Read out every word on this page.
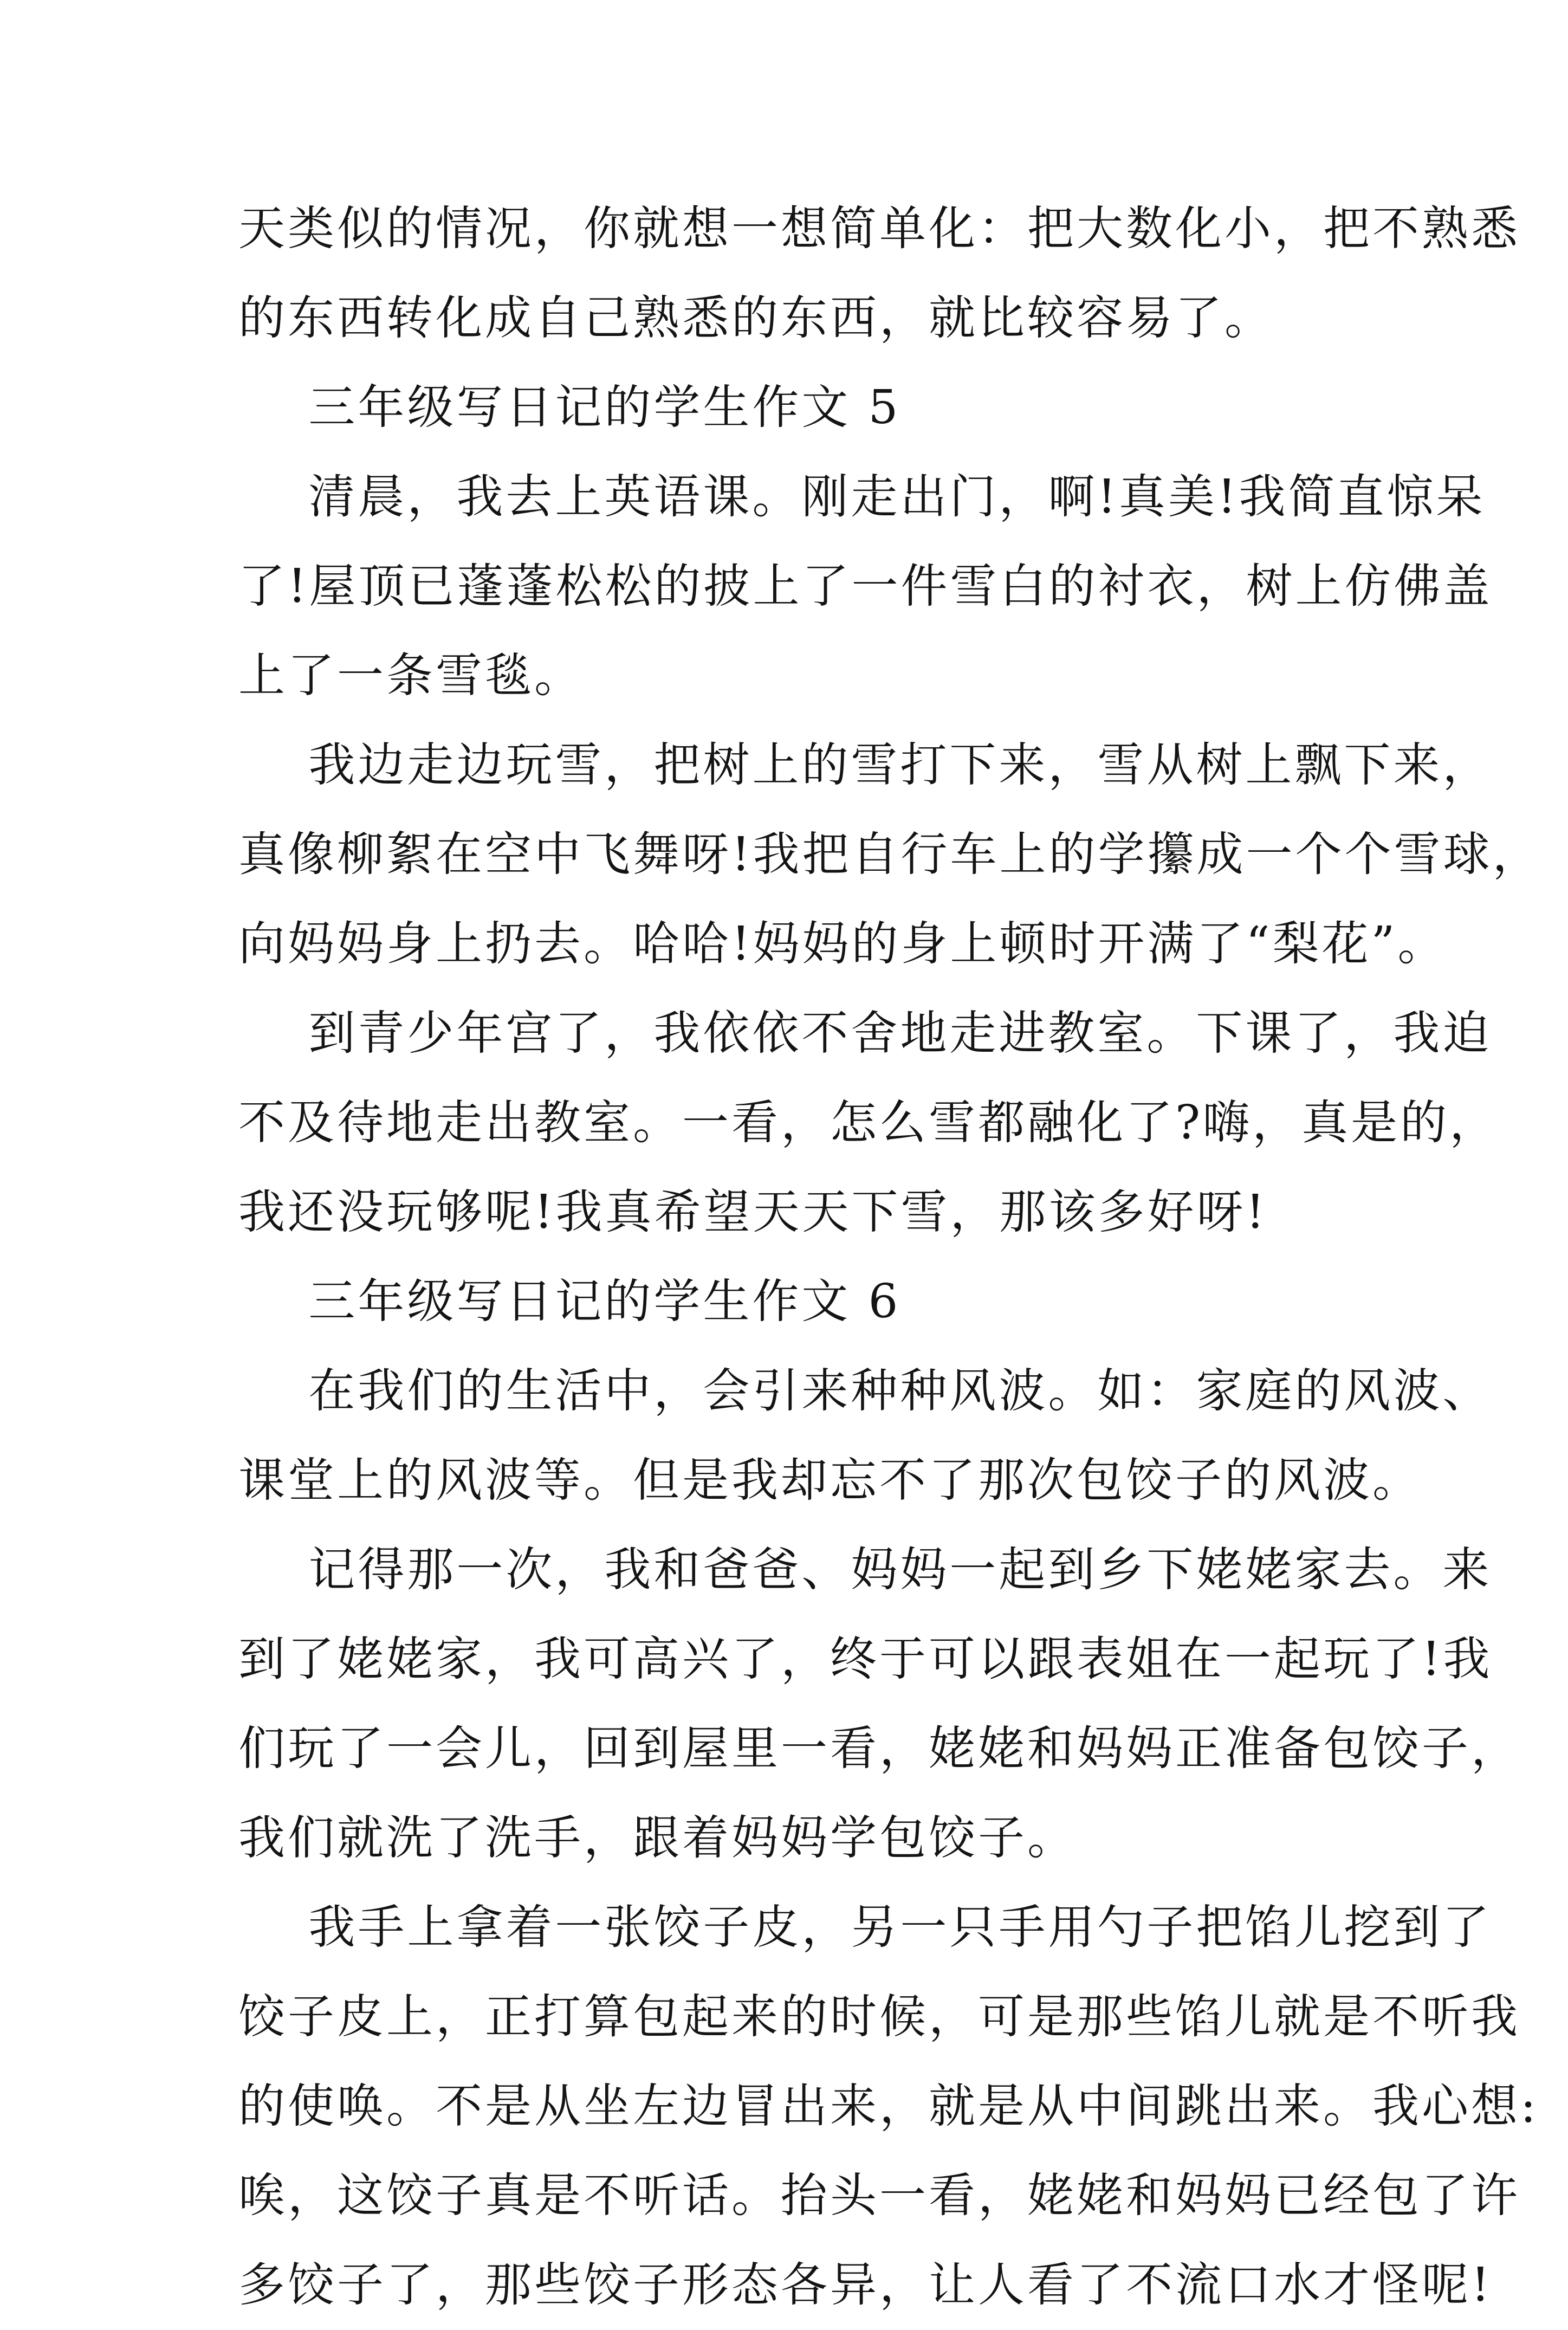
天类似的情况，你就想一想简单化：把大数化小，把不熟悉
的东西转化成自己熟悉的东西，就比较容易了。
三年级写日记的学生作文 5
清晨，我去上英语课。刚走出门，啊!真美!我简直惊呆
了!屋顶已蓬蓬松松的披上了一件雪白的衬衣，树上仿佛盖
上了一条雪毯。
我边走边玩雪，把树上的雪打下来，雪从树上飘下来，
真像柳絮在空中飞舞呀!我把自行车上的学攥成一个个雪球，
向妈妈身上扔去。哈哈!妈妈的身上顿时开满了“梨花”。
到青少年宫了，我依依不舍地走进教室。下课了，我迫
不及待地走出教室。一看，怎么雪都融化了?嗨，真是的，
我还没玩够呢!我真希望天天下雪，那该多好呀!
三年级写日记的学生作文 6
在我们的生活中，会引来种种风波。如：家庭的风波、
课堂上的风波等。但是我却忘不了那次包饺子的风波。
记得那一次，我和爸爸、妈妈一起到乡下姥姥家去。来
到了姥姥家，我可高兴了，终于可以跟表姐在一起玩了!我
们玩了一会儿，回到屋里一看，姥姥和妈妈正准备包饺子，
我们就洗了洗手，跟着妈妈学包饺子。
我手上拿着一张饺子皮，另一只手用勺子把馅儿挖到了
饺子皮上，正打算包起来的时候，可是那些馅儿就是不听我
的使唤。不是从坐左边冒出来，就是从中间跳出来。我心想:
唉，这饺子真是不听话。抬头一看，姥姥和妈妈已经包了许
多饺子了，那些饺子形态各异，让人看了不流口水才怪呢!
